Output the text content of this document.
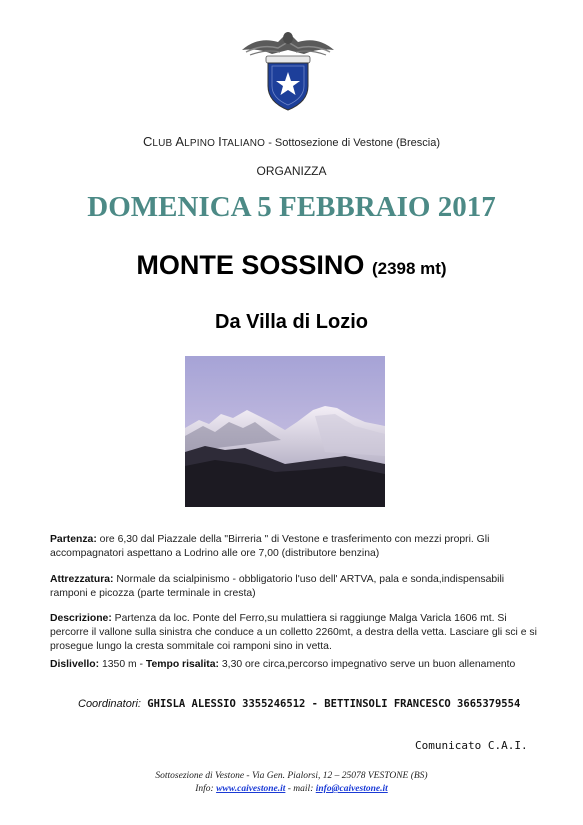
CLUB ALPINO ITALIANO - Sottosezione di Vestone (Brescia)
ORGANIZZA
DOMENICA 5 FEBBRAIO 2017
MONTE SOSSINO (2398 mt)
Da Villa di Lozio
Partenza: ore 6,30 dal Piazzale della "Birreria " di Vestone e trasferimento con mezzi propri. Gli accompagnatori aspettano a Lodrino alle ore 7,00 (distributore benzina)
Attrezzatura: Normale da scialpinismo - obbligatorio l'uso dell' ARTVA, pala e sonda,indispensabili ramponi e picozza (parte terminale in cresta)
Descrizione: Partenza da loc. Ponte del Ferro,su mulattiera si raggiunge Malga Varicla 1606 mt. Si percorre il vallone sulla sinistra che conduce a un colletto 2260mt, a destra della vetta. Lasciare gli sci e si prosegue lungo la cresta sommitale coi ramponi sino in vetta.
Dislivello: 1350 m - Tempo risalita: 3,30 ore circa,percorso impegnativo serve un buon allenamento
Coordinatori: GHISLA ALESSIO 3355246512 - BETTINSOLI FRANCESCO 3665379554
Comunicato C.A.I.
Sottosezione di Vestone - Via Gen. Pialorsi, 12 – 25078 VESTONE (BS)
Info: www.caivestone.it - mail: info@caivestone.it
